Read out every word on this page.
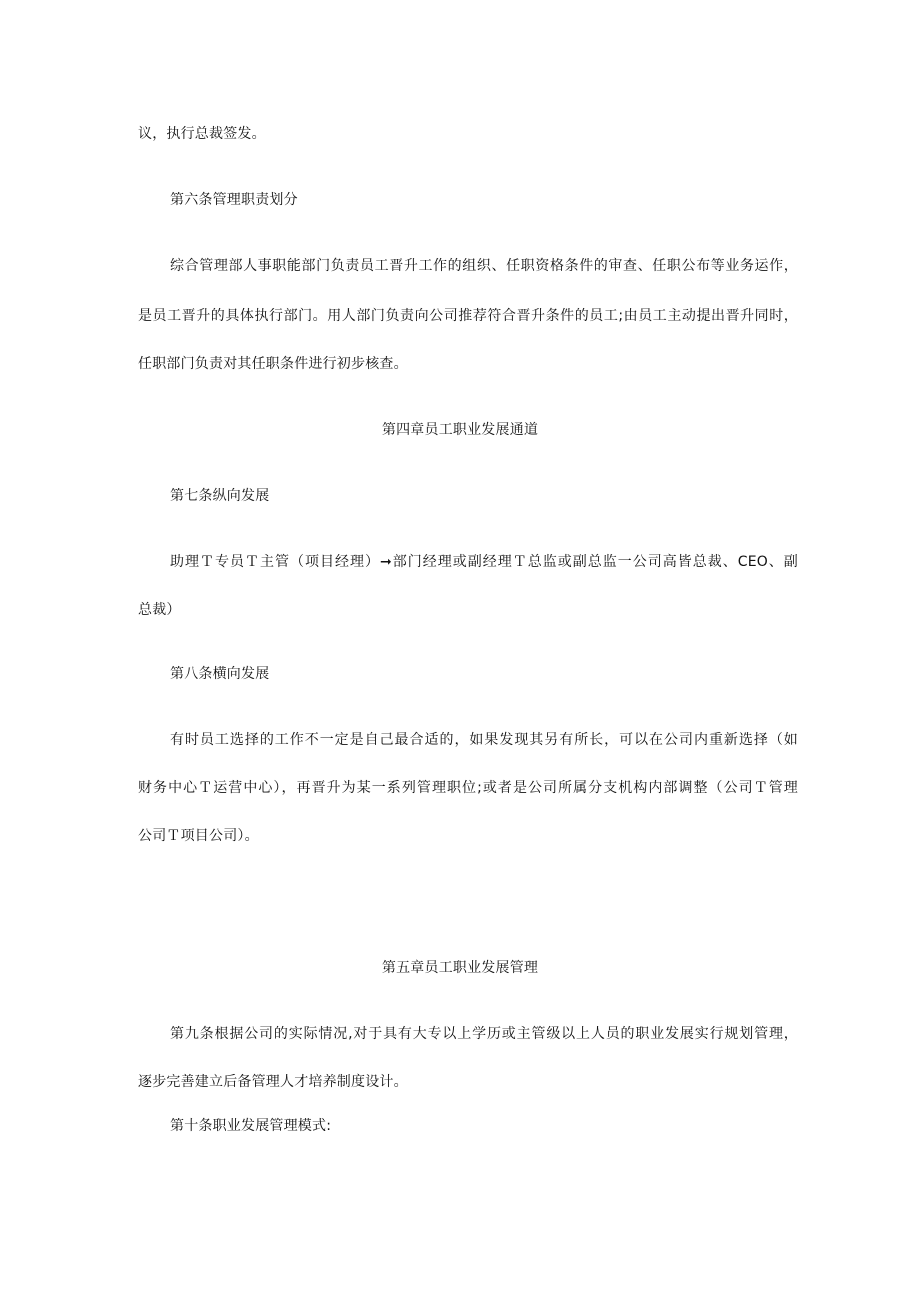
议，执行总裁签发。
第六条管理职责划分
综合管理部人事职能部门负责员工晋升工作的组织、任职资格条件的审查、任职公布等业务运作，
是员工晋升的具体执行部门。用人部门负责向公司推荐符合晋升条件的员工;由员工主动提出晋升同时，
任职部门负责对其任职条件进行初步核查。
第四章员工职业发展通道
第七条纵向发展
助理Ｔ专员Ｔ主管（项目经理）➞部门经理或副经理Ｔ总监或副总监一公司高皆总裁、CEO、副
总裁）
第八条横向发展
有时员工选择的工作不一定是自己最合适的，如果发现其另有所长，可以在公司内重新选择（如
财务中心Ｔ运营中心），再晋升为某一系列管理职位;或者是公司所属分支机构内部调整（公司Ｔ管理
公司Ｔ项目公司）。
第五章员工职业发展管理
第九条根据公司的实际情况,对于具有大专以上学历或主管级以上人员的职业发展实行规划管理，
逐步完善建立后备管理人才培养制度设计。
第十条职业发展管理模式:
